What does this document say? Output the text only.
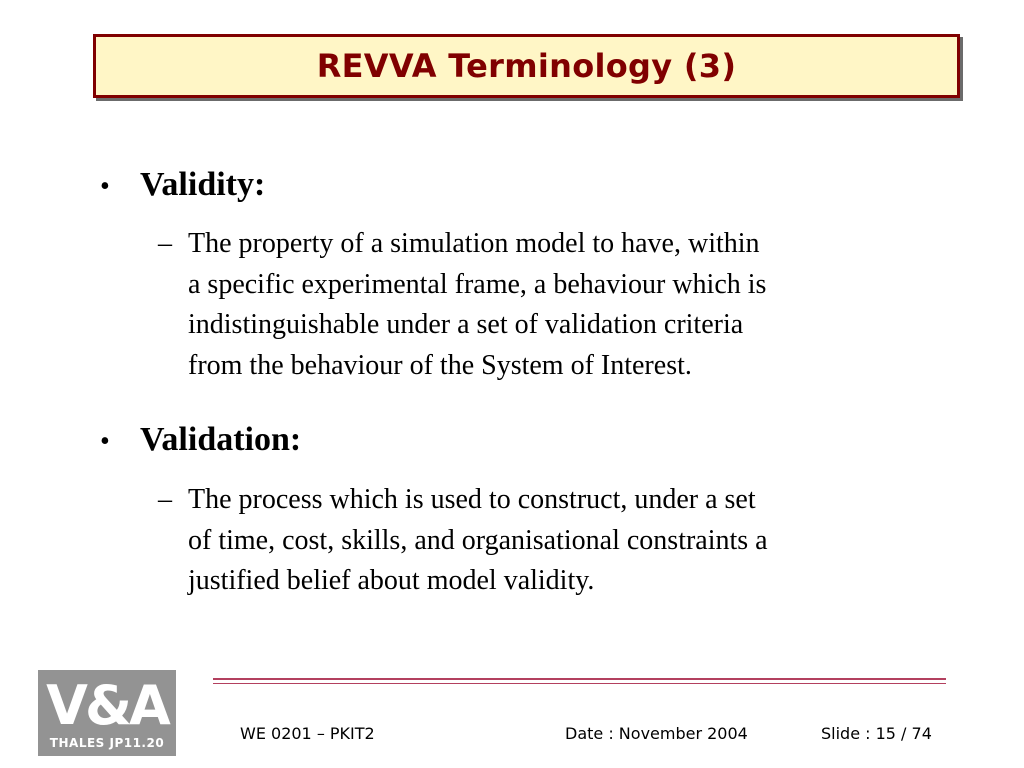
REVVA Terminology (3)
• Validity:
– The property of a simulation model to have, within
a specific experimental frame, a behaviour which is
indistinguishable under a set of validation criteria
from the behaviour of the System of Interest.
• Validation:
– The process which is used to construct, under a set
of time, cost, skills, and organisational constraints a
justified belief about model validity.
V&A
THALES JP11.20	WE 0201 – PKIT2	Date : November 2004	Slide : 15 / 74
